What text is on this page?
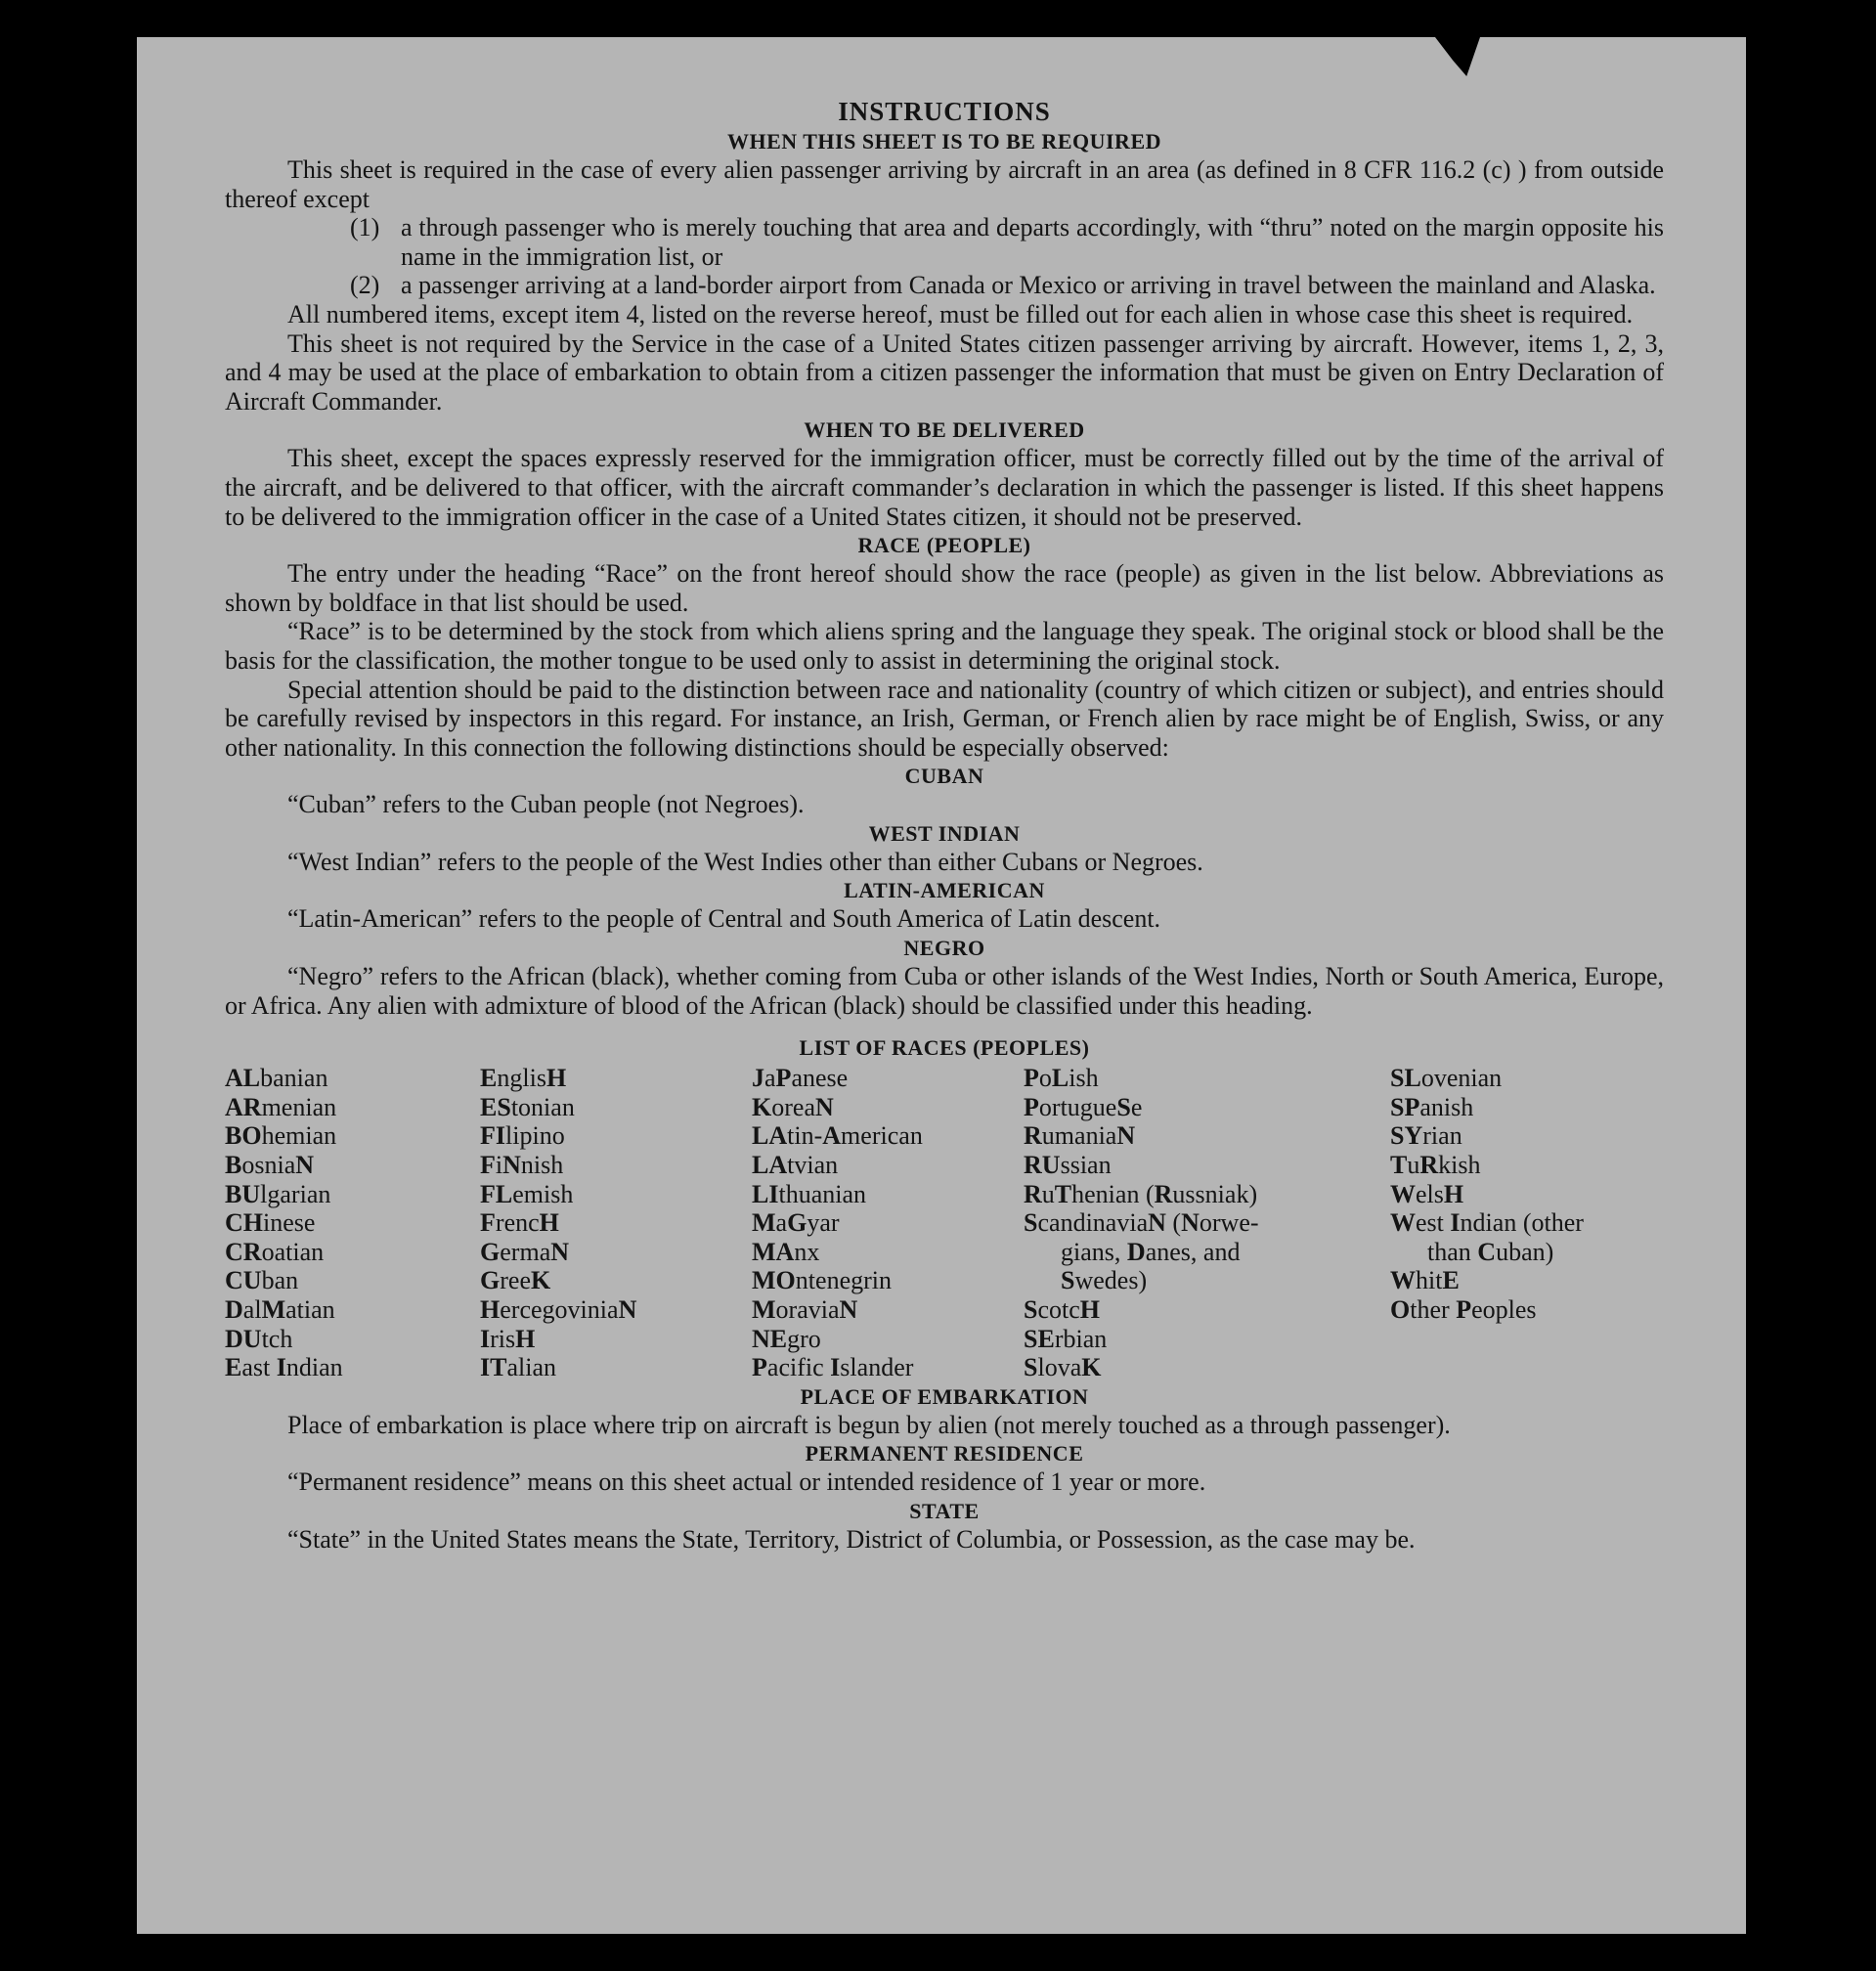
INSTRUCTIONS
WHEN THIS SHEET IS TO BE REQUIRED

This sheet is required in the case of every alien passenger arriving by aircraft in an area (as defined in 8 CFR 116.2 (c) ) from outside thereof except

(1) a through passenger who is merely touching that area and departs accordingly, with “thru” noted on the margin opposite his name in the immigration list, or
(2) a passenger arriving at a land-border airport from Canada or Mexico or arriving in travel between the mainland and Alaska.

All numbered items, except item 4, listed on the reverse hereof, must be filled out for each alien in whose case this sheet is required.

This sheet is not required by the Service in the case of a United States citizen passenger arriving by aircraft. However, items 1, 2, 3, and 4 may be used at the place of embarkation to obtain from a citizen passenger the information that must be given on Entry Declaration of Aircraft Commander.

WHEN TO BE DELIVERED

This sheet, except the spaces expressly reserved for the immigration officer, must be correctly filled out by the time of the arrival of the aircraft, and be delivered to that officer, with the aircraft commander’s declaration in which the passenger is listed. If this sheet happens to be delivered to the immigration officer in the case of a United States citizen, it should not be preserved.

RACE (PEOPLE)

The entry under the heading “Race” on the front hereof should show the race (people) as given in the list below. Abbreviations as shown by boldface in that list should be used.

“Race” is to be determined by the stock from which aliens spring and the language they speak. The original stock or blood shall be the basis for the classification, the mother tongue to be used only to assist in determining the original stock.

Special attention should be paid to the distinction between race and nationality (country of which citizen or subject), and entries should be carefully revised by inspectors in this regard. For instance, an Irish, German, or French alien by race might be of English, Swiss, or any other nationality. In this connection the following distinctions should be especially observed:

CUBAN
“Cuban” refers to the Cuban people (not Negroes).
WEST INDIAN
“West Indian” refers to the people of the West Indies other than either Cubans or Negroes.
LATIN-AMERICAN
“Latin-American” refers to the people of Central and South America of Latin descent.
NEGRO

“Negro” refers to the African (black), whether coming from Cuba or other islands of the West Indies, North or South America, Europe, or Africa. Any alien with admixture of blood of the African (black) should be classified under this heading.

LIST OF RACES (PEOPLES)
ALbanian
ARmenian
BOhemian
BosniaN
BUlgarian
CHinese
CRoatian
CUban
DalMatian
DUtch
East Indian
EnglisH
EStonian
FIlipino
FiNnish
FLemish
FrencH
GermaN
GreeK
HercegoviniaN
IrisH
ITalian
JaPanese
KoreaN
LAtin-American
LAtvian
LIthuanian
MaGyar
MAnx
MOntenegrin
MoraviaN
NEgro
Pacific Islander
PoLish
PortugueSe
RumaniaN
RUssian
RuThenian (Russniak)
ScandinaviaN (Norwe-
gians, Danes, and
Swedes)
ScotcH
SErbian
SlovaK
SLovenian
SPanish
SYrian
TuRkish
WelsH
West Indian (other
than Cuban)
WhitE
Other Peoples
PLACE OF EMBARKATION

Place of embarkation is place where trip on aircraft is begun by alien (not merely touched as a through passenger).

PERMANENT RESIDENCE
“Permanent residence” means on this sheet actual or intended residence of 1 year or more.
STATE

“State” in the United States means the State, Territory, District of Columbia, or Possession, as the case may be.
